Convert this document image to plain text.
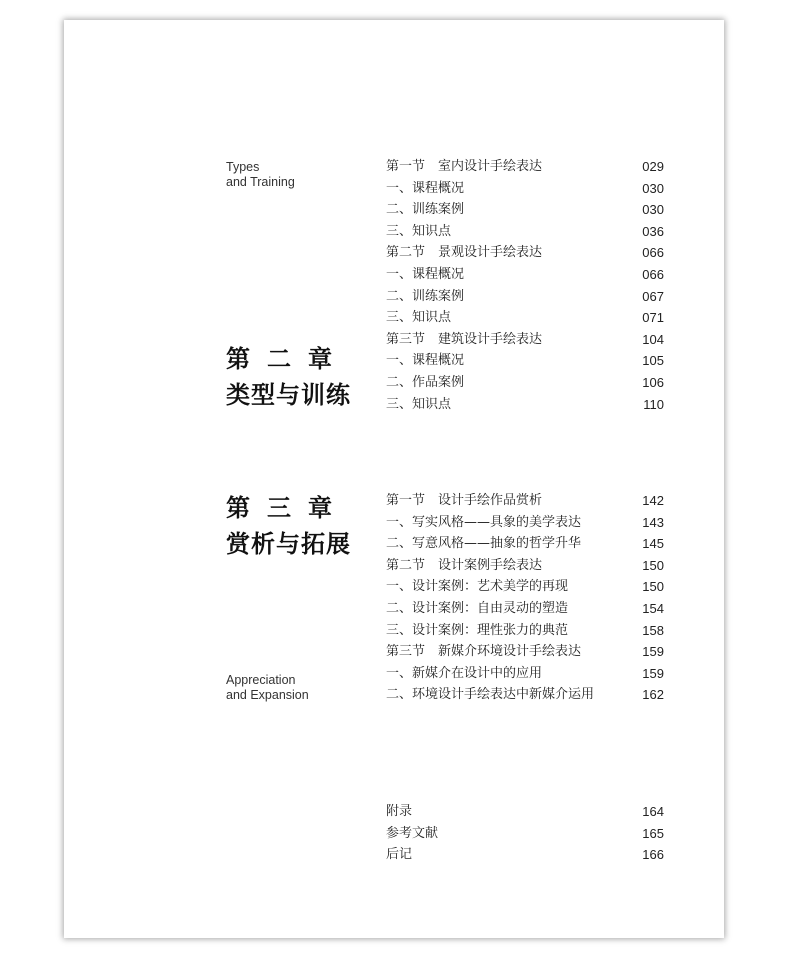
Types
and Training
第二章
类型与训练
第一节　室内设计手绘表达	029
一、课程概况	030
二、训练案例	030
三、知识点	036
第二节　景观设计手绘表达	066
一、课程概况	066
二、训练案例	067
三、知识点	071
第三节　建筑设计手绘表达	104
一、课程概况	105
二、作品案例	106
三、知识点	110
第三章
赏析与拓展
Appreciation
and Expansion
第一节　设计手绘作品赏析	142
一、写实风格——具象的美学表达	143
二、写意风格——抽象的哲学升华	145
第二节　设计案例手绘表达	150
一、设计案例：艺术美学的再现	150
二、设计案例：自由灵动的塑造	154
三、设计案例：理性张力的典范	158
第三节　新媒介环境设计手绘表达	159
一、新媒介在设计中的应用	159
二、环境设计手绘表达中新媒介运用	162
附录	164
参考文献	165
后记	166
